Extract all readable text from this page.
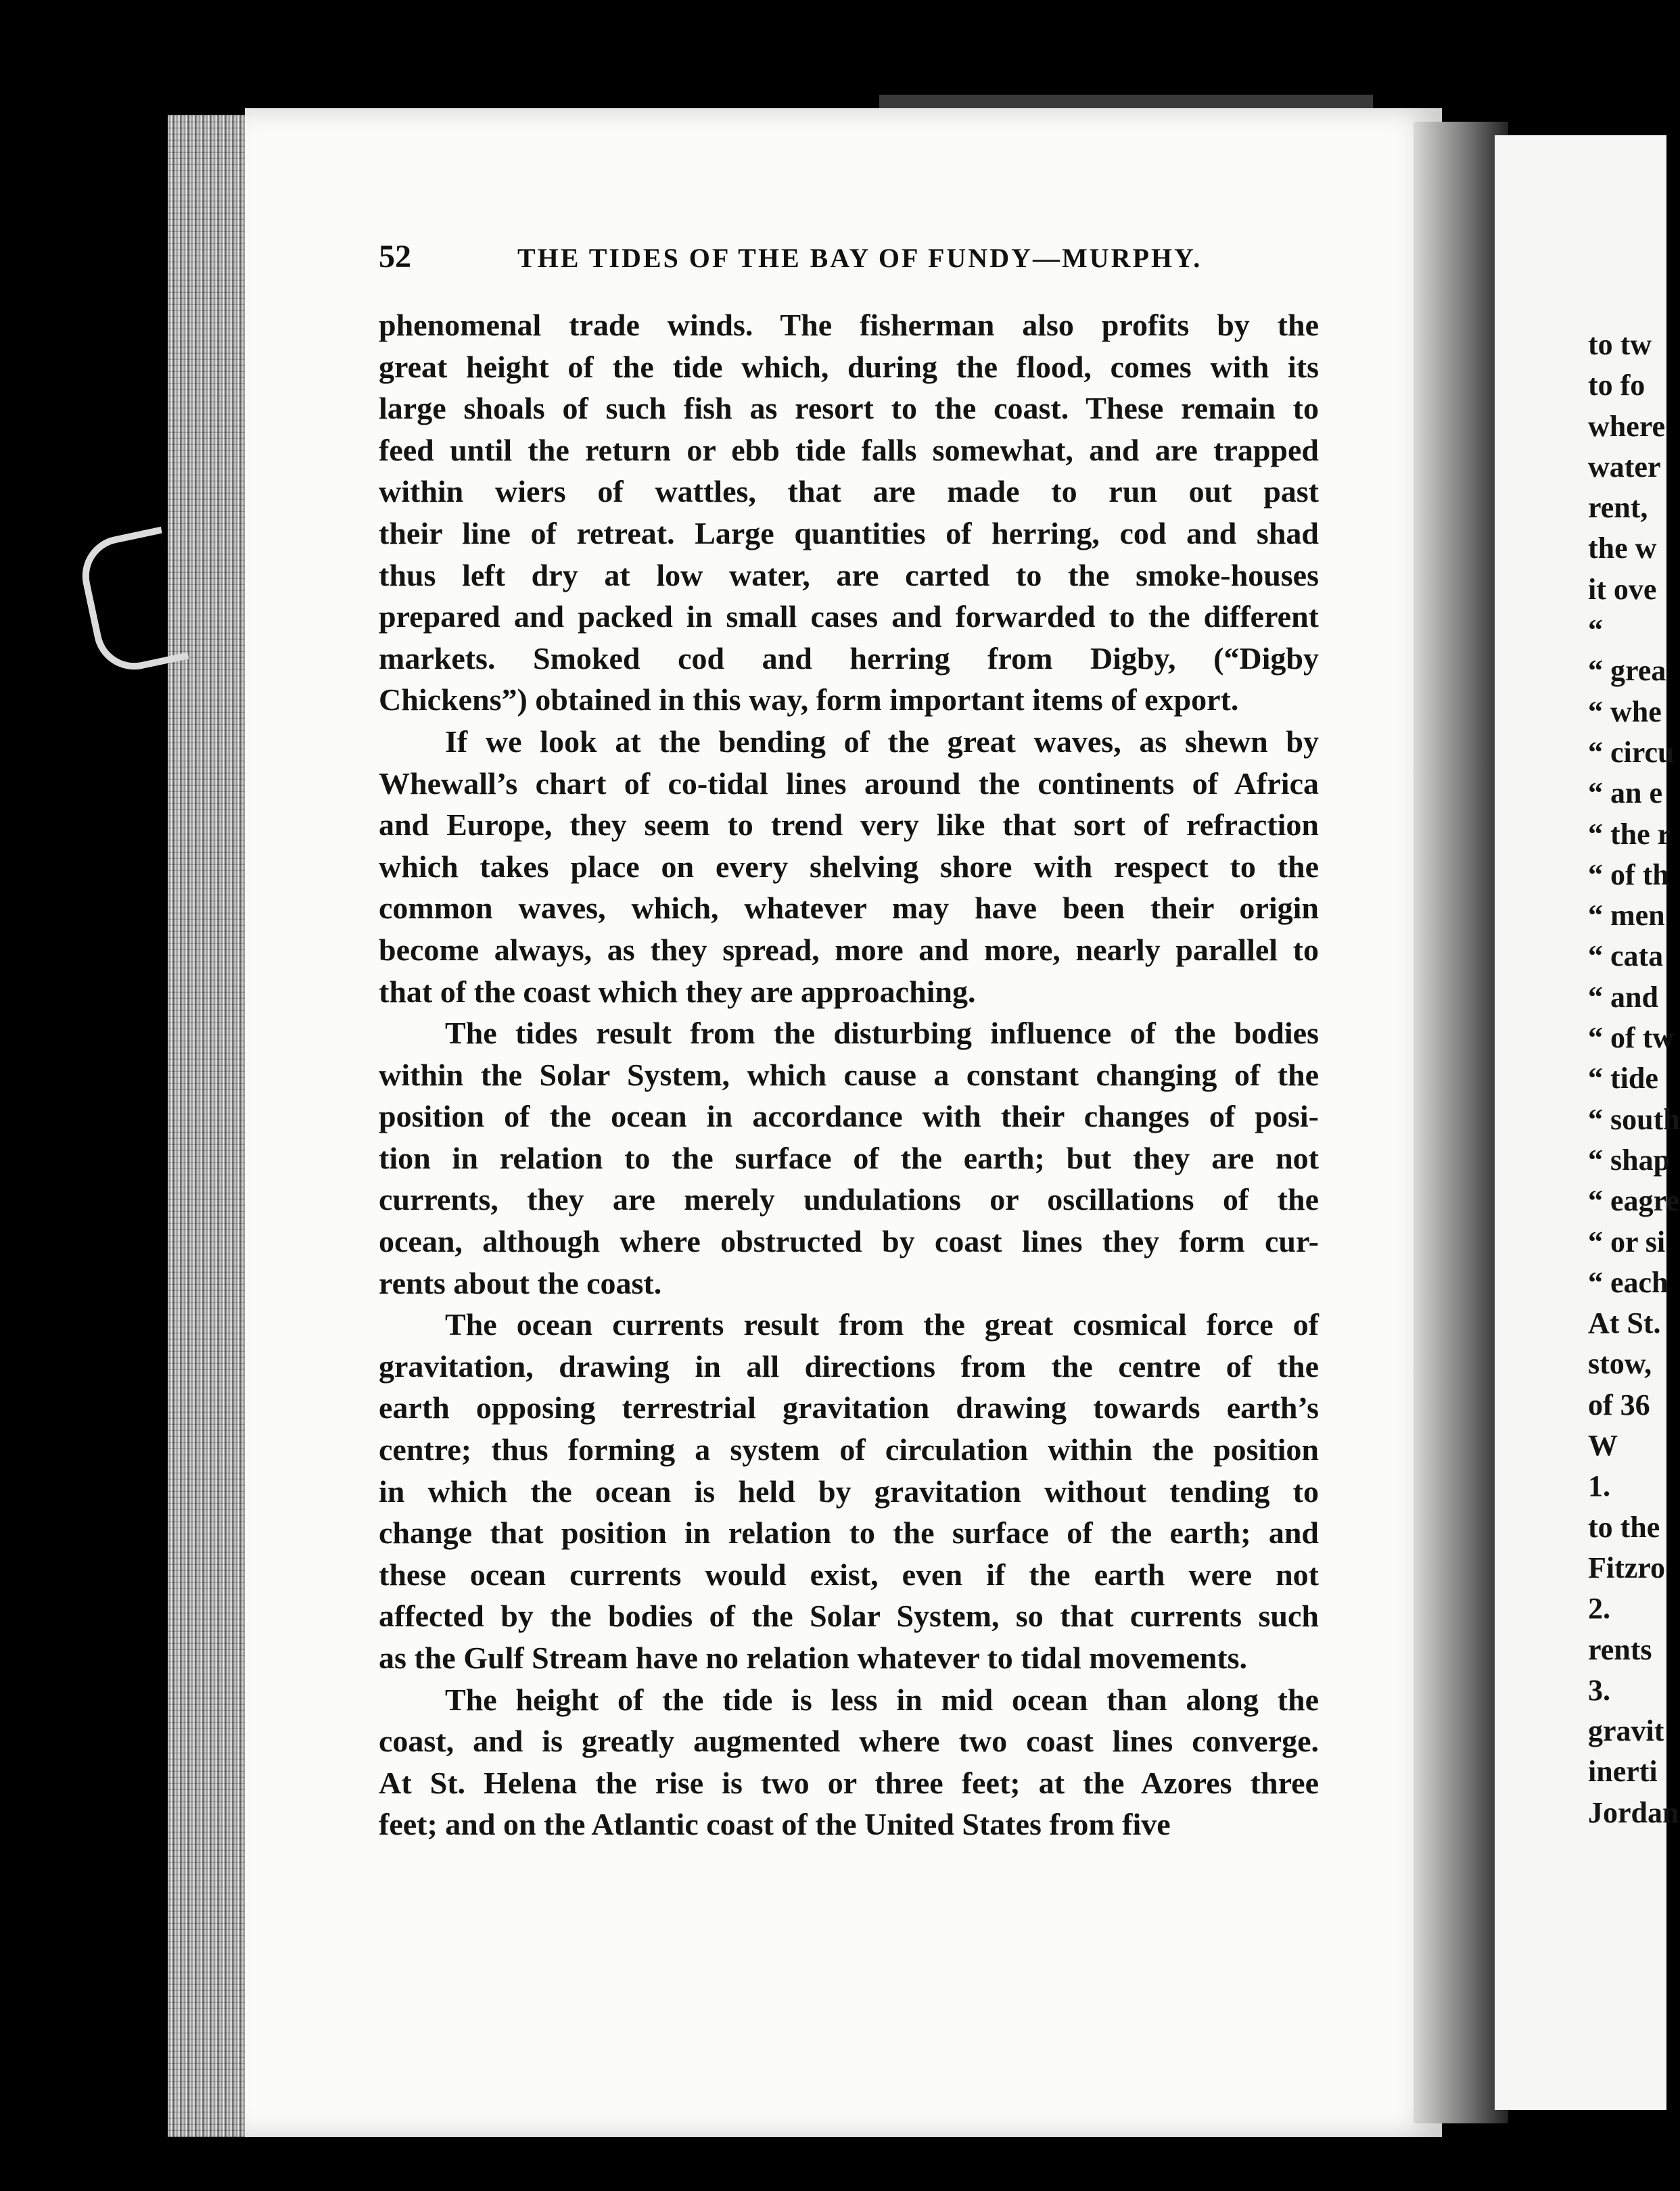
52	THE TIDES OF THE BAY OF FUNDY—MURPHY.
phenomenal trade winds. The fisherman also profits by the
great height of the tide which, during the flood, comes with its
large shoals of such fish as resort to the coast. These remain to
feed until the return or ebb tide falls somewhat, and are trapped
within wiers of wattles, that are made to run out past
their line of retreat. Large quantities of herring, cod and shad
thus left dry at low water, are carted to the smoke-houses
prepared and packed in small cases and forwarded to the different
markets. Smoked cod and herring from Digby, (“Digby
Chickens”) obtained in this way, form important items of export.
If we look at the bending of the great waves, as shewn by
Whewall’s chart of co-tidal lines around the continents of Africa
and Europe, they seem to trend very like that sort of refraction
which takes place on every shelving shore with respect to the
common waves, which, whatever may have been their origin
become always, as they spread, more and more, nearly parallel to
that of the coast which they are approaching.
The tides result from the disturbing influence of the bodies
within the Solar System, which cause a constant changing of the
position of the ocean in accordance with their changes of posi-
tion in relation to the surface of the earth; but they are not
currents, they are merely undulations or oscillations of the
ocean, although where obstructed by coast lines they form cur-
rents about the coast.
The ocean currents result from the great cosmical force of
gravitation, drawing in all directions from the centre of the
earth opposing terrestrial gravitation drawing towards earth’s
centre; thus forming a system of circulation within the position
in which the ocean is held by gravitation without tending to
change that position in relation to the surface of the earth; and
these ocean currents would exist, even if the earth were not
affected by the bodies of the Solar System, so that currents such
as the Gulf Stream have no relation whatever to tidal movements.
The height of the tide is less in mid ocean than along the
coast, and is greatly augmented where two coast lines converge.
At St. Helena the rise is two or three feet; at the Azores three
feet; and on the Atlantic coast of the United States from five
to tw
to fo
where
water
rent,
the w
it ove
“
“ grea
“ whe
“ circu
“ an e
“ the r
“ of th
“ men
“ cata
“ and
“ of tw
“ tide
“ south
“ shap
“ eagre
“ or si
“ each
At St.
stow,
of 36
W
1.
to the
Fitzro
2.
rents
3.
gravit
inerti
Jordan
